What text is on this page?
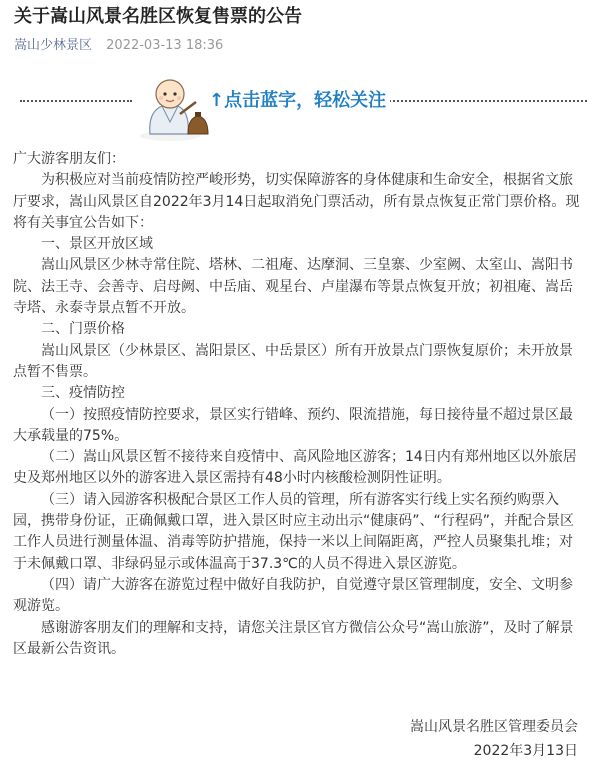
关于嵩山风景名胜区恢复售票的公告
嵩山少林景区 2022-03-13 18:36
↑点击蓝字，轻松关注

广大游客朋友们：

为积极应对当前疫情防控严峻形势，切实保障游客的身体健康和生命安全，根据省文旅厅要求，嵩山风景区自2022年3月14日起取消免门票活动，所有景点恢复正常门票价格。现将有关事宜公告如下：

一、景区开放区域

嵩山风景区少林寺常住院、塔林、二祖庵、达摩洞、三皇寨、少室阙、太室山、嵩阳书院、法王寺、会善寺、启母阙、中岳庙、观星台、卢崖瀑布等景点恢复开放；初祖庵、嵩岳寺塔、永泰寺景点暂不开放。

二、门票价格

嵩山风景区（少林景区、嵩阳景区、中岳景区）所有开放景点门票恢复原价；未开放景点暂不售票。

三、疫情防控

（一）按照疫情防控要求，景区实行错峰、预约、限流措施，每日接待量不超过景区最大承载量的75%。

（二）嵩山风景区暂不接待来自疫情中、高风险地区游客；14日内有郑州地区以外旅居史及郑州地区以外的游客进入景区需持有48小时内核酸检测阴性证明。

（三）请入园游客积极配合景区工作人员的管理，所有游客实行线上实名预约购票入园，携带身份证，正确佩戴口罩，进入景区时应主动出示“健康码”、“行程码”，并配合景区工作人员进行测量体温、消毒等防护措施，保持一米以上间隔距离，严控人员聚集扎堆；对于未佩戴口罩、非绿码显示或体温高于37.3℃的人员不得进入景区游览。

（四）请广大游客在游览过程中做好自我防护，自觉遵守景区管理制度，安全、文明参观游览。

感谢游客朋友们的理解和支持，请您关注景区官方微信公众号“嵩山旅游”，及时了解景区最新公告资讯。

嵩山风景名胜区管理委员会
2022年3月13日
